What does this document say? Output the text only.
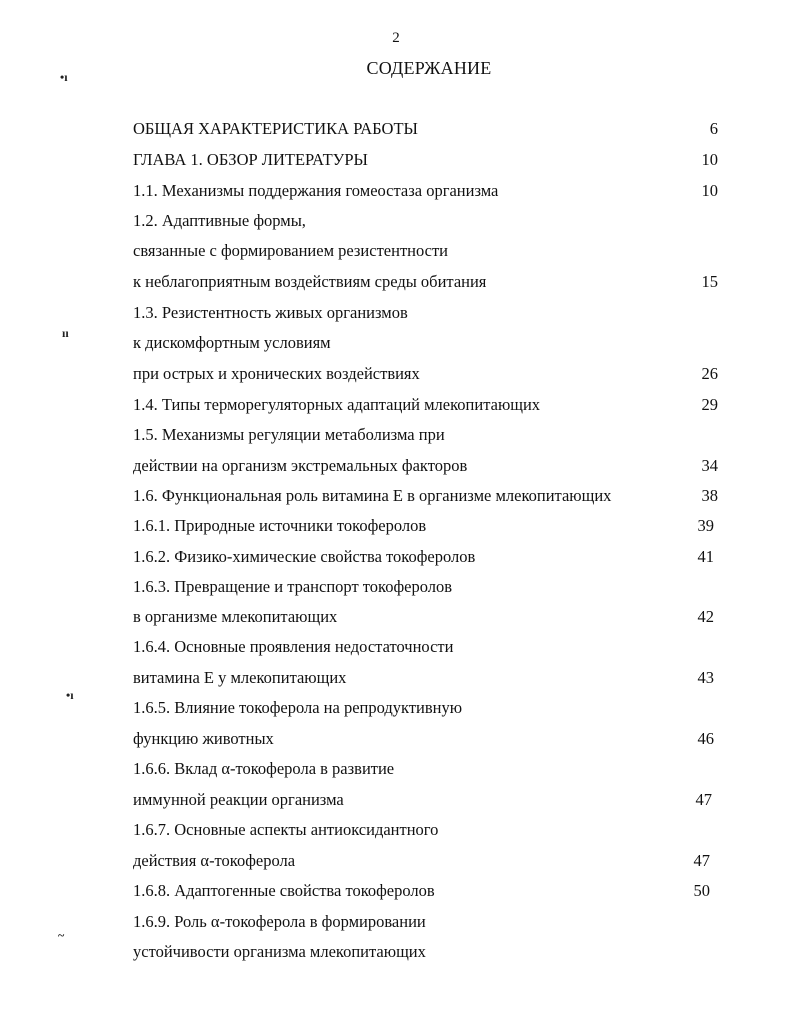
2
СОДЕРЖАНИЕ
•ı
ıı
•ı
~
ОБЩАЯ ХАРАКТЕРИСТИКА РАБОТЫ	6
ГЛАВА 1. ОБЗОР ЛИТЕРАТУРЫ	10
1.1. Механизмы поддержания гомеостаза организма	10
1.2. Адаптивные формы,
связанные с формированием резистентности
к неблагоприятным воздействиям среды обитания	15
1.3. Резистентность живых организмов
к дискомфортным условиям
при острых и хронических воздействиях	26
1.4. Типы терморегуляторных адаптаций млекопитающих	29
1.5. Механизмы регуляции метаболизма при
действии на организм экстремальных факторов	34
1.6. Функциональная роль витамина Е в организме млекопитающих	38
1.6.1. Природные источники токоферолов	39
1.6.2. Физико-химические свойства токоферолов	41
1.6.3. Превращение и транспорт токоферолов
в организме млекопитающих	42
1.6.4. Основные проявления недостаточности
витамина Е у млекопитающих	43
1.6.5. Влияние токоферола на репродуктивную
функцию животных	46
1.6.6. Вклад α-токоферола в развитие
иммунной реакции организма	47
1.6.7. Основные аспекты антиоксидантного
действия α-токоферола	47
1.6.8. Адаптогенные свойства токоферолов	50
1.6.9. Роль α-токоферола в формировании
устойчивости организма млекопитающих
